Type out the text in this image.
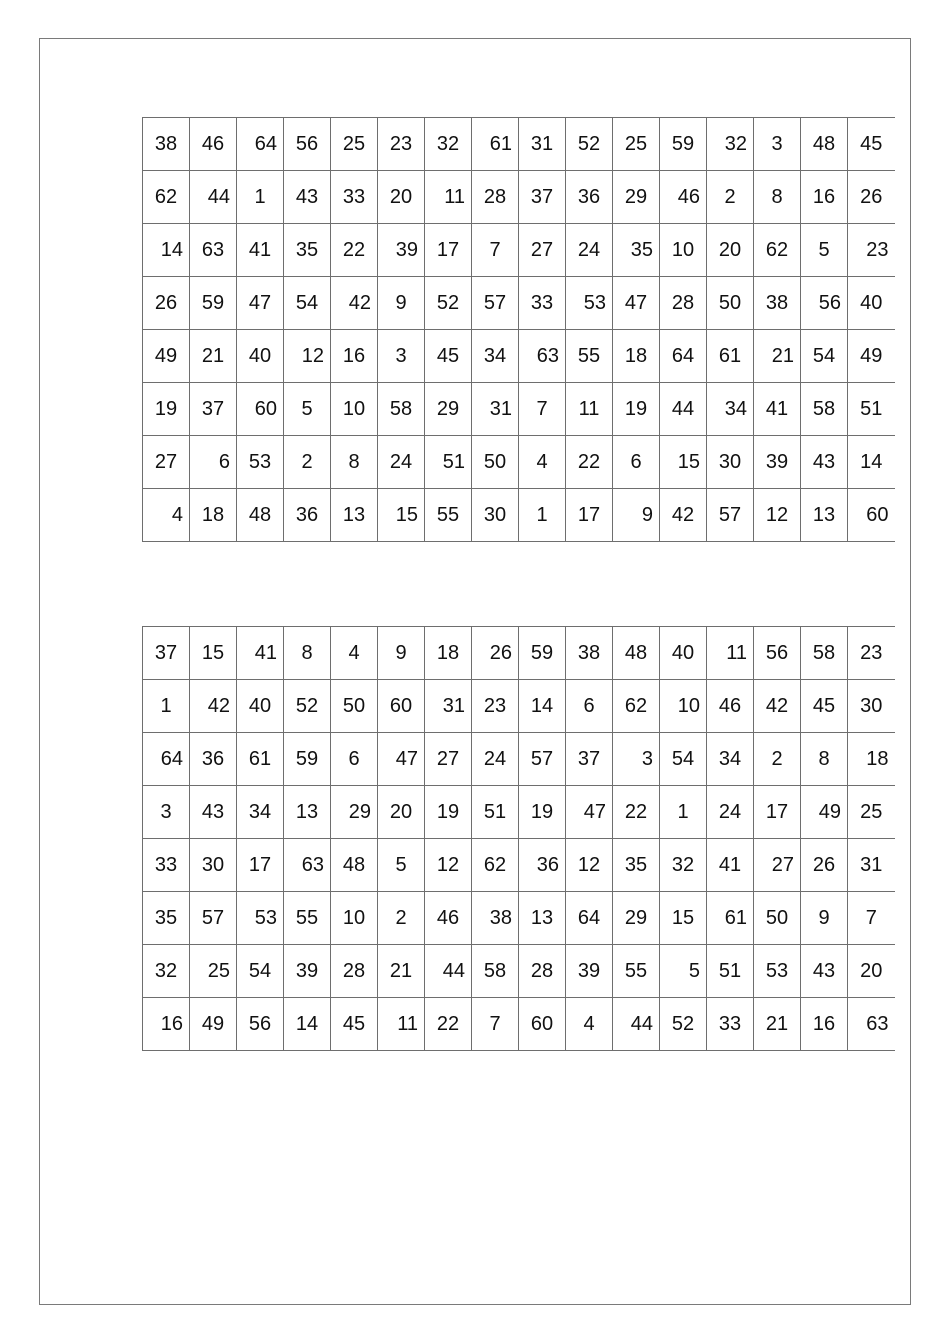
38	46	64	56	25	23	32	61	31	52	25	59	32	3	48	45
62	44	1	43	33	20	11	28	37	36	29	46	2	8	16	26
14	63	41	35	22	39	17	7	27	24	35	10	20	62	5	23
26	59	47	54	42	9	52	57	33	53	47	28	50	38	56	40
49	21	40	12	16	3	45	34	63	55	18	64	61	21	54	49
19	37	60	5	10	58	29	31	7	11	19	44	34	41	58	51
27	6	53	2	8	24	51	50	4	22	6	15	30	39	43	14
4	18	48	36	13	15	55	30	1	17	9	42	57	12	13	60
37	15	41	8	4	9	18	26	59	38	48	40	11	56	58	23
1	42	40	52	50	60	31	23	14	6	62	10	46	42	45	30
64	36	61	59	6	47	27	24	57	37	3	54	34	2	8	18
3	43	34	13	29	20	19	51	19	47	22	1	24	17	49	25
33	30	17	63	48	5	12	62	36	12	35	32	41	27	26	31
35	57	53	55	10	2	46	38	13	64	29	15	61	50	9	7
32	25	54	39	28	21	44	58	28	39	55	5	51	53	43	20
16	49	56	14	45	11	22	7	60	4	44	52	33	21	16	63
